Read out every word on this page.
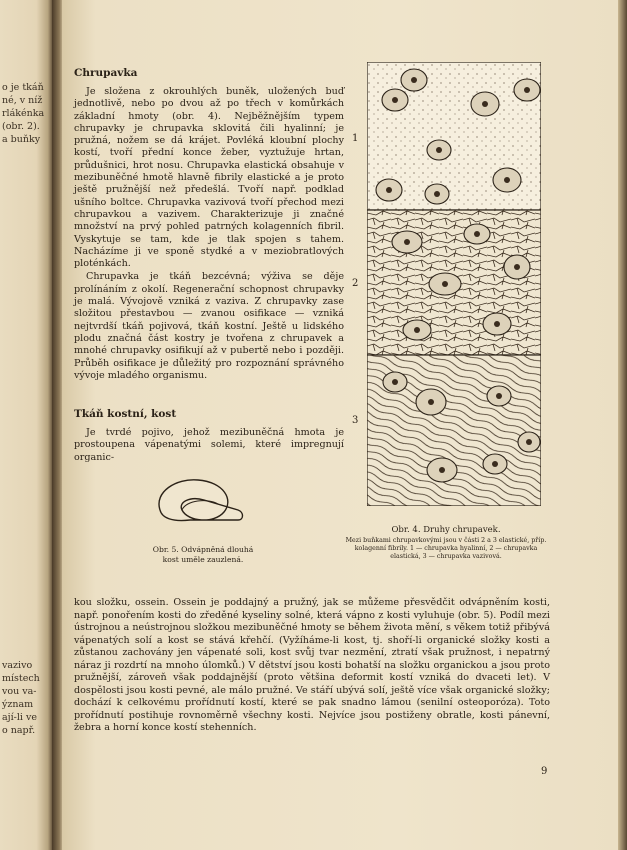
o je tkáň
né, v níž
rlákénka
(obr. 2).
a buňky
vazivo
místech
vou va-
ýznam
ají-li ve
o např.
Chrupavka

Je složena z okrouhlých buněk, uložených buď jednotlivě, nebo po dvou až po třech v komůrkách základní hmoty (obr. 4). Nejběžnějším typem chrupavky je chrupavka sklovitá čili hyalinní; je pružná, nožem se dá krájet. Povléká kloubní plochy kostí, tvoří přední konce žeber, vyztužuje hrtan, průdušnici, hrot nosu. Chrupavka elastická obsahuje v mezibuněčné hmotě hlavně fibrily elastické a je proto ještě pružnější než předešlá. Tvoří např. podklad ušního boltce. Chrupavka vazivová tvoří přechod mezi chrupavkou a vazivem. Charakterizuje ji značné množství na prvý pohled patrných kolagenních fibril. Vyskytuje se tam, kde je tlak spojen s tahem. Nacházíme ji ve sponě stydké a v meziobratlových ploténkách.

Chrupavka je tkáň bezcévná; výživa se děje prolínáním z okolí. Regenerační schopnost chrupavky je malá. Vývojově vzniká z vaziva. Z chrupavky zase složitou přestavbou — zvanou osifikace — vzniká nejtvrdší tkáň pojivová, tkáň kostní. Ještě u lidského plodu značná část kostry je tvořena z chrupavek a mnohé chrupavky osifikují až v pubertě nebo i později. Průběh osifikace je důležitý pro rozpoznání správného vývoje mladého organismu.

Tkáň kostní, kost

Je tvrdé pojivo, jehož mezibuněčná hmota je prostoupena vápenatými solemi, které impregnují organic-

1
2
3
Obr. 4. Druhy chrupavek.
Mezi buňkami chrupavkovými jsou v části 2 a 3 elastické, příp. kolagenní fibrily. 1 — chrupavka hyalinní, 2 — chrupavka elastická, 3 — chrupavka vazivová.
Obr. 5. Odvápněná dlouhá
kost uměle zauzlená.

kou složku, ossein. Ossein je poddajný a pružný, jak se můžeme přesvědčit odvápněním kosti, např. ponořením kosti do zředěné kyseliny solné, která vápno z kosti vyluhuje (obr. 5). Podíl mezi ústrojnou a neústrojnou složkou mezibuněčné hmoty se během života mění, s věkem totiž přibývá vápenatých solí a kost se stává křehčí. (Vyžíháme-li kost, tj. shoří-li organické složky kosti a zůstanou zachovány jen vápenaté soli, kost svůj tvar nezmění, ztratí však pružnost, i nepatrný náraz ji rozdrtí na mnoho úlomků.) V dětství jsou kosti bohatší na složku organickou a jsou proto pružnější, zároveň však poddajnější (proto většina deformit kostí vzniká do dvaceti let). V dospělosti jsou kosti pevné, ale málo pružné. Ve stáří ubývá solí, ještě více však organické složky; dochází k celkovému prořídnutí kostí, které se pak snadno lámou (senilní osteoporóza). Toto prořídnutí postihuje rovnoměrně všechny kosti. Nejvíce jsou postiženy obratle, kosti pánevní, žebra a horní konce kostí stehenních.

9
